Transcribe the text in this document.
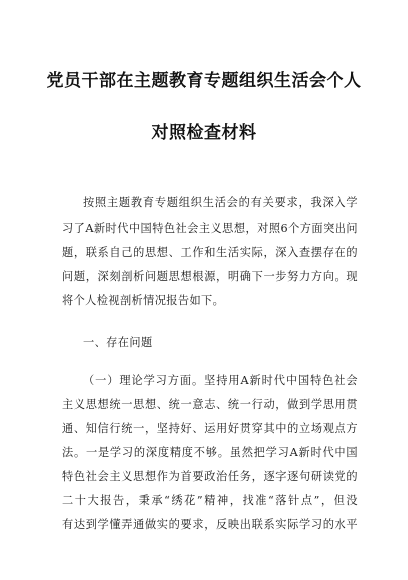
党员干部在主题教育专题组织生活会个人
对照检查材料
按照主题教育专题组织生活会的有关要求，我深入学
习了A新时代中国特色社会主义思想，对照6个方面突出问
题，联系自己的思想、工作和生活实际，深入查摆存在的
问题，深刻剖析问题思想根源，明确下一步努力方向。现
将个人检视剖析情况报告如下。
一、存在问题
（一）理论学习方面。坚持用A新时代中国特色社会
主义思想统一思想、统一意志、统一行动，做到学思用贯
通、知信行统一，坚持好、运用好贯穿其中的立场观点方
法。一是学习的深度精度不够。虽然把学习A新时代中国
特色社会主义思想作为首要政治任务，逐字逐句研读党的
二十大报告，秉承“绣花”精神，找准“落针点”，但没
有达到学懂弄通做实的要求，反映出联系实际学习的水平
